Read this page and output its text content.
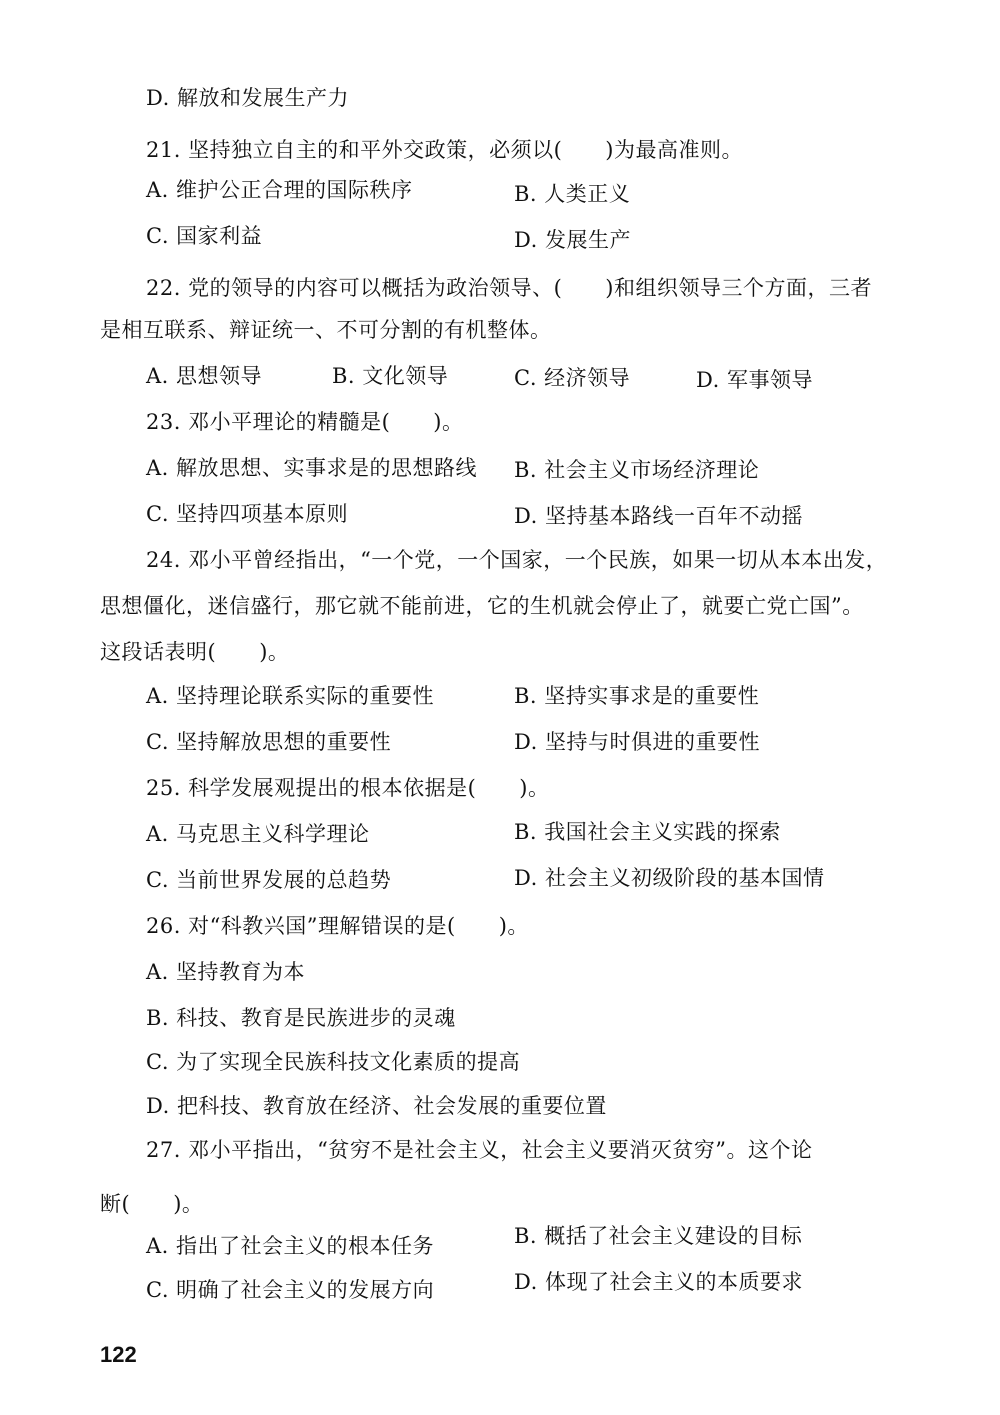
D. 解放和发展生产力
21. 坚持独立自主的和平外交政策，必须以(　　)为最高准则。
A. 维护公正合理的国际秩序	B. 人类正义
C. 国家利益	D. 发展生产
22. 党的领导的内容可以概括为政治领导、(　　)和组织领导三个方面，三者
是相互联系、辩证统一、不可分割的有机整体。
A. 思想领导	B. 文化领导	C. 经济领导	D. 军事领导
23. 邓小平理论的精髓是(　　)。
A. 解放思想、实事求是的思想路线 B. 社会主义市场经济理论
C. 坚持四项基本原则	D. 坚持基本路线一百年不动摇
24. 邓小平曾经指出，“一个党，一个国家，一个民族，如果一切从本本出发，
思想僵化，迷信盛行，那它就不能前进，它的生机就会停止了，就要亡党亡国”。
这段话表明(　　)。
A. 坚持理论联系实际的重要性	B. 坚持实事求是的重要性
C. 坚持解放思想的重要性	D. 坚持与时俱进的重要性
25. 科学发展观提出的根本依据是(　　)。
A. 马克思主义科学理论	B. 我国社会主义实践的探索
C. 当前世界发展的总趋势	D. 社会主义初级阶段的基本国情
26. 对“科教兴国”理解错误的是(　　)。
A. 坚持教育为本
B. 科技、教育是民族进步的灵魂
C. 为了实现全民族科技文化素质的提高
D. 把科技、教育放在经济、社会发展的重要位置
27. 邓小平指出，“贫穷不是社会主义，社会主义要消灭贫穷”。这个论
断(　　)。
A. 指出了社会主义的根本任务	B. 概括了社会主义建设的目标
C. 明确了社会主义的发展方向	D. 体现了社会主义的本质要求
122
